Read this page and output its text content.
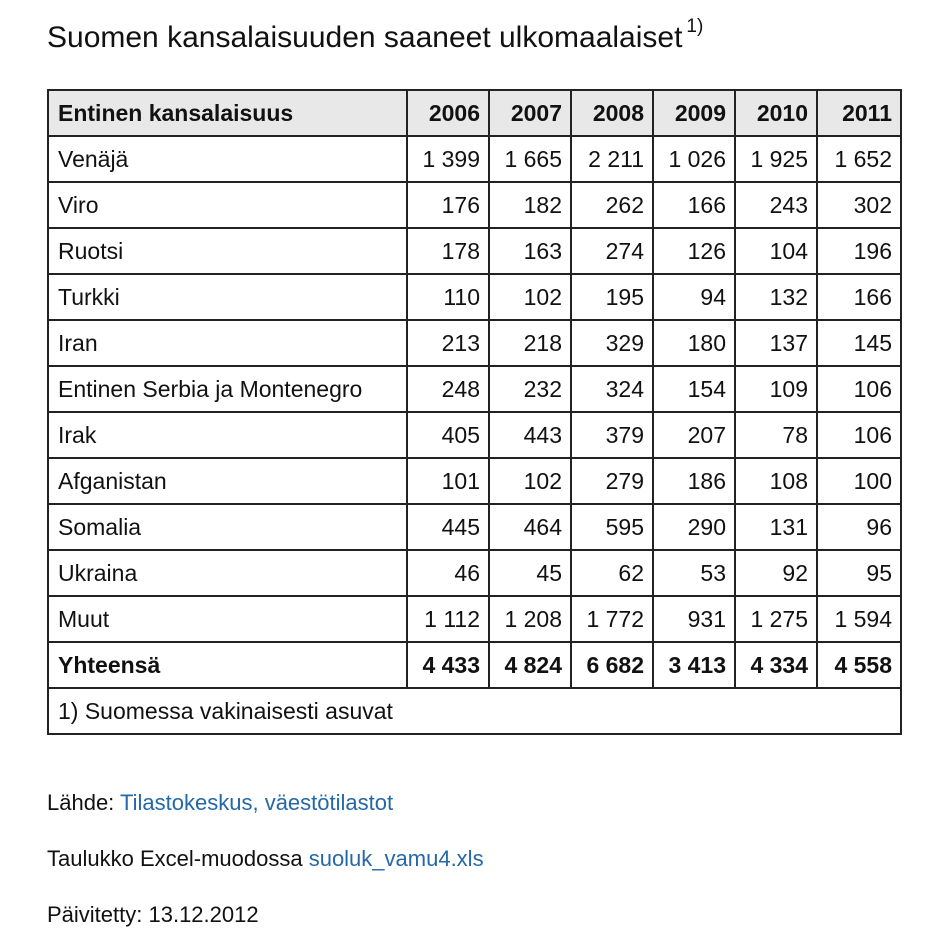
Suomen kansalaisuuden saaneet ulkomaalaiset $^{1)}$
Entinen kansalaisuus	2006	2007	2008	2009	2010	2011
Venäjä	1 399	1 665	2 211	1 026	1 925	1 652
Viro	176	182	262	166	243	302
Ruotsi	178	163	274	126	104	196
Turkki	110	102	195	94	132	166
Iran	213	218	329	180	137	145
Entinen Serbia ja Montenegro	248	232	324	154	109	106
Irak	405	443	379	207	78	106
Afganistan	101	102	279	186	108	100
Somalia	445	464	595	290	131	96
Ukraina	46	45	62	53	92	95
Muut	1 112	1 208	1 772	931	1 275	1 594
Yhteensä	4 433	4 824	6 682	3 413	4 334	4 558
1) Suomessa vakinaisesti asuvat						
Lähde: Tilastokeskus, väestötilastot
Taulukko Excel-muodossa suoluk_vamu4.xls
Päivitetty: 13.12.2012
